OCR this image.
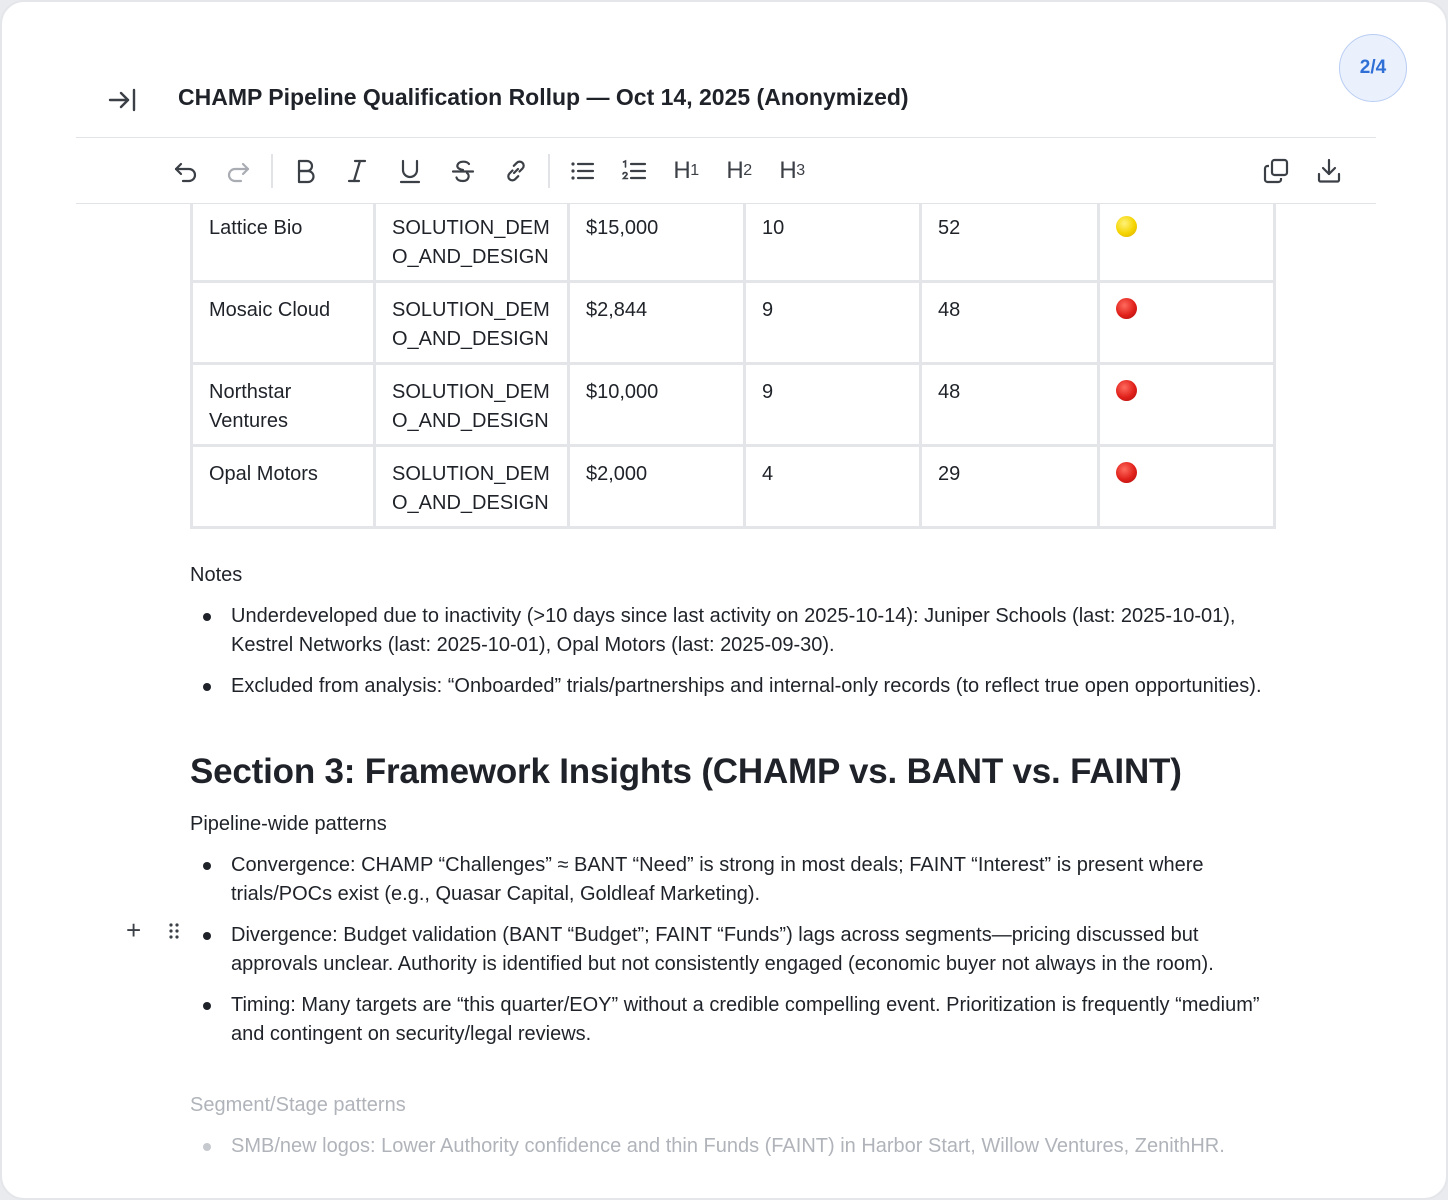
2/4
CHAMP Pipeline Qualification Rollup — Oct 14, 2025 (Anonymized)
H 1 H 2 H 3
Lattice Bio	SOLUTION_DEMO_AND_DESIGN	$15,000	10	52	
Mosaic Cloud	SOLUTION_DEMO_AND_DESIGN	$2,844	9	48	
Northstar Ventures	SOLUTION_DEMO_AND_DESIGN	$10,000	9	48	
Opal Motors	SOLUTION_DEMO_AND_DESIGN	$2,000	4	29	
Notes
Underdeveloped due to inactivity (>10 days since last activity on 2025-10-14): Juniper Schools (last: 2025-10-01), Kestrel Networks (last: 2025-10-01), Opal Motors (last: 2025-09-30).
Excluded from analysis: “Onboarded” trials/partnerships and internal-only records (to reflect true open opportunities).
Section 3: Framework Insights (CHAMP vs. BANT vs. FAINT)
Pipeline-wide patterns
Convergence: CHAMP “Challenges” ≈ BANT “Need” is strong in most deals; FAINT “Interest” is present where trials/POCs exist (e.g., Quasar Capital, Goldleaf Marketing).
Divergence: Budget validation (BANT “Budget”; FAINT “Funds”) lags across segments—pricing discussed but approvals unclear. Authority is identified but not consistently engaged (economic buyer not always in the room).
Timing: Many targets are “this quarter/EOY” without a credible compelling event. Prioritization is frequently “medium” and contingent on security/legal reviews.
+
Segment/Stage patterns
SMB/new logos: Lower Authority confidence and thin Funds (FAINT) in Harbor Start, Willow Ventures, ZenithHR.
